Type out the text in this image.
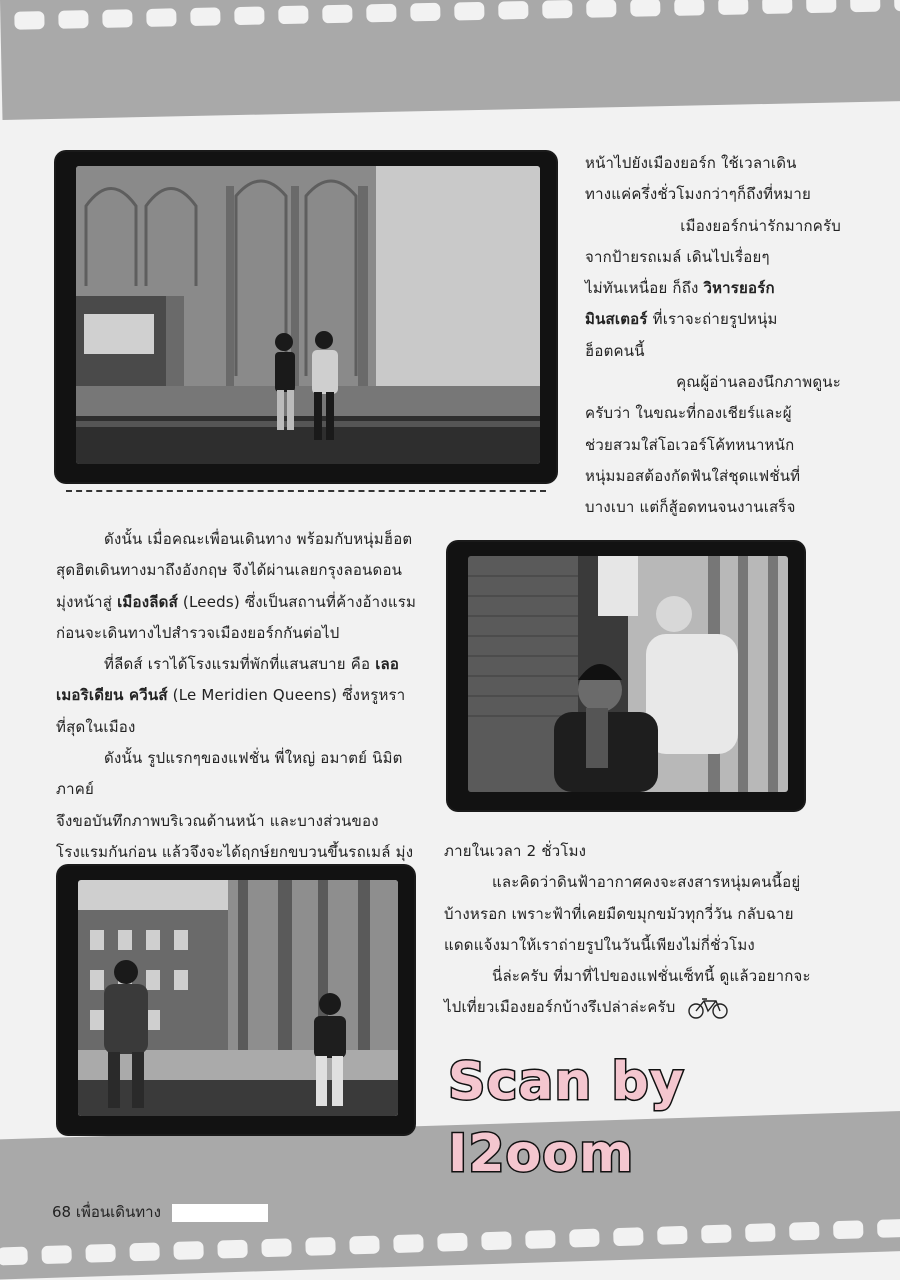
หน้าไปยังเมืองยอร์ก ใช้เวลาเดิน

ทางแค่ครึ่งชั่วโมงกว่าๆก็ถึงที่หมาย

เมืองยอร์กน่ารักมากครับ

จากป้ายรถเมล์ เดินไปเรื่อยๆ

ไม่ทันเหนื่อย ก็ถึง วิหารยอร์ก

มินสเตอร์ ที่เราจะถ่ายรูปหนุ่ม

ฮ็อตคนนี้

คุณผู้อ่านลองนึกภาพดูนะ

ครับว่า ในขณะที่กองเชียร์และผู้

ช่วยสวมใส่โอเวอร์โค้ทหนาหนัก

หนุ่มมอสต้องกัดฟันใส่ชุดแฟชั่นที่

บางเบา แต่ก็สู้อดทนจนงานเสร็จ

ดังนั้น เมื่อคณะเพื่อนเดินทาง พร้อมกับหนุ่มฮ็อต

สุดฮิตเดินทางมาถึงอังกฤษ จึงได้ผ่านเลยกรุงลอนดอน

มุ่งหน้าสู่ เมืองลีดส์ (Leeds) ซึ่งเป็นสถานที่ค้างอ้างแรม

ก่อนจะเดินทางไปสำรวจเมืองยอร์กกันต่อไป

ที่ลีดส์ เราได้โรงแรมที่พักที่แสนสบาย คือ เลอ

เมอริเดียน ควีนส์ (Le Meridien Queens) ซึ่งหรูหรา

ที่สุดในเมือง

ดังนั้น รูปแรกๆของแฟชั่น พี่ใหญ่ อมาตย์ นิมิตภาคย์

จึงขอบันทึกภาพบริเวณด้านหน้า และบางส่วนของ

โรงแรมกันก่อน แล้วจึงจะได้ฤกษ์ยกขบวนขึ้นรถเมล์ มุ่ง	ภายในเวลา 2 ชั่วโมง

และคิดว่าดินฟ้าอากาศคงจะสงสารหนุ่มคนนี้อยู่

บ้างหรอก เพราะฟ้าที่เคยมืดขมุกขมัวทุกวี่วัน กลับฉาย

แดดแจ้งมาให้เราถ่ายรูปในวันนี้เพียงไม่กี่ชั่วโมง

นี่ล่ะครับ ที่มาที่ไปของแฟชั่นเซ็ทนี้ ดูแล้วอยากจะ

ไปเที่ยวเมืองยอร์กบ้างรึเปล่าล่ะครับ

Scan by I2oom
68 เพื่อนเดินทาง
